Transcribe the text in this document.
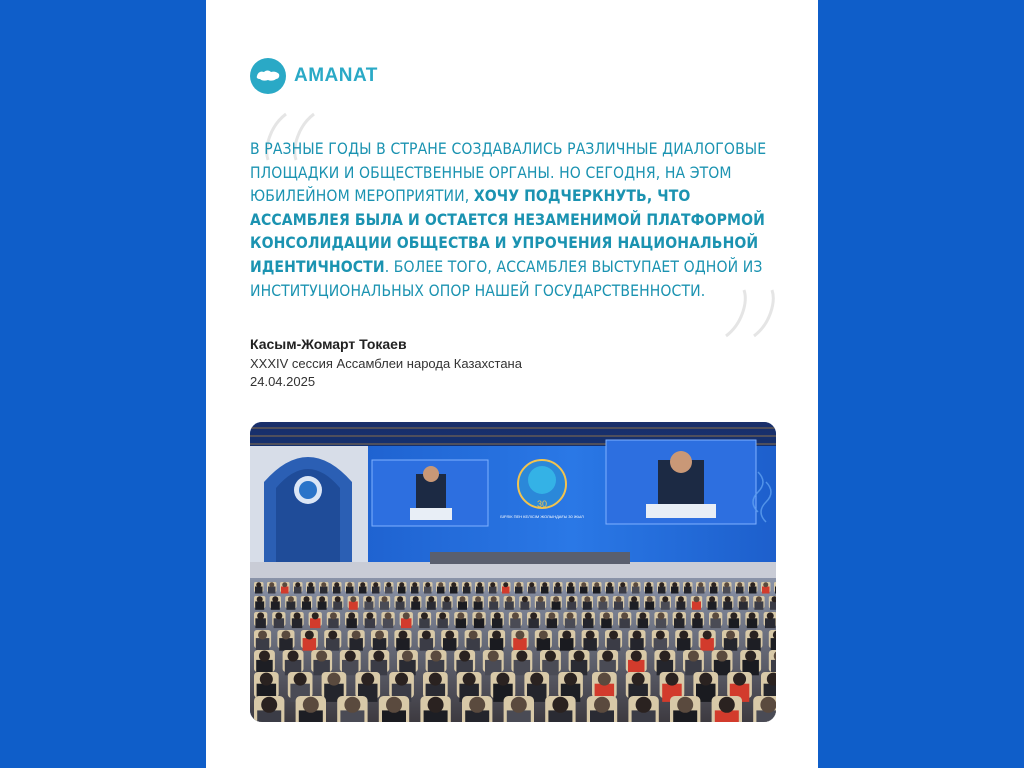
AMANAT
В РАЗНЫЕ ГОДЫ В СТРАНЕ СОЗДАВАЛИСЬ РАЗЛИЧНЫЕ ДИАЛОГОВЫЕ ПЛОЩАДКИ И ОБЩЕСТВЕННЫЕ ОРГАНЫ. НО СЕГОДНЯ, НА ЭТОМ ЮБИЛЕЙНОМ МЕРОПРИЯТИИ, ХОЧУ ПОДЧЕРКНУТЬ, ЧТО АССАМБЛЕЯ БЫЛА И ОСТАЕТСЯ НЕЗАМЕНИМОЙ ПЛАТФОРМОЙ КОНСОЛИДАЦИИ ОБЩЕСТВА И УПРОЧЕНИЯ НАЦИОНАЛЬНОЙ ИДЕНТИЧНОСТИ. БОЛЕЕ ТОГО, АССАМБЛЕЯ ВЫСТУПАЕТ ОДНОЙ ИЗ ИНСТИТУЦИОНАЛЬНЫХ ОПОР НАШЕЙ ГОСУДАРСТВЕННОСТИ.
Касым-Жомарт Токаев
XXXIV сессия Ассамблеи народа Казахстана
24.04.2025
30
БІРЛІК ПЕН КЕЛІСІМ ЖОЛЫНДАҒЫ 30 ЖЫЛ
